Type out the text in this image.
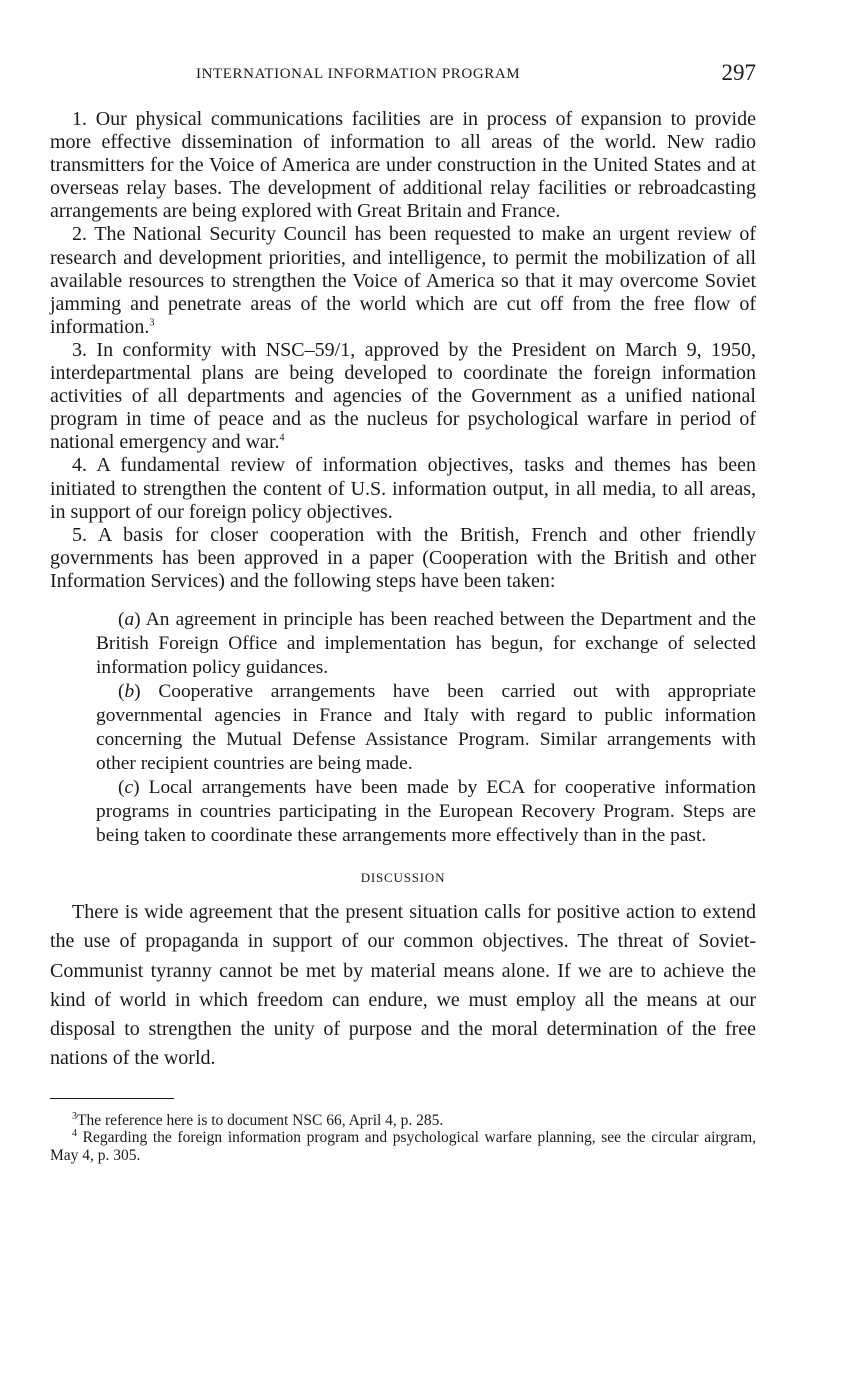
INTERNATIONAL INFORMATION PROGRAM	297

1. Our physical communications facilities are in process of expansion to provide more effective dissemination of information to all areas of the world. New radio transmitters for the Voice of America are under construction in the United States and at overseas relay bases. The development of additional relay facilities or rebroadcasting arrangements are being explored with Great Britain and France.

2. The National Security Council has been requested to make an urgent review of research and development priorities, and intelligence, to permit the mobilization of all available resources to strengthen the Voice of America so that it may overcome Soviet jamming and penetrate areas of the world which are cut off from the free flow of information.$^3$

3. In conformity with NSC–59/1, approved by the President on March 9, 1950, interdepartmental plans are being developed to coordinate the foreign information activities of all departments and agencies of the Government as a unified national program in time of peace and as the nucleus for psychological warfare in period of national emergency and war.$^4$

4. A fundamental review of information objectives, tasks and themes has been initiated to strengthen the content of U.S. information output, in all media, to all areas, in support of our foreign policy objectives.

5. A basis for closer cooperation with the British, French and other friendly governments has been approved in a paper (Cooperation with the British and other Information Services) and the following steps have been taken:

(a) An agreement in principle has been reached between the Department and the British Foreign Office and implementation has begun, for exchange of selected information policy guidances.

(b) Cooperative arrangements have been carried out with appropriate governmental agencies in France and Italy with regard to public information concerning the Mutual Defense Assistance Program. Similar arrangements with other recipient countries are being made.

(c) Local arrangements have been made by ECA for cooperative information programs in countries participating in the European Recovery Program. Steps are being taken to coordinate these arrangements more effectively than in the past.

DISCUSSION

There is wide agreement that the present situation calls for positive action to extend the use of propaganda in support of our common objectives. The threat of Soviet-Communist tyranny cannot be met by material means alone. If we are to achieve the kind of world in which freedom can endure, we must employ all the means at our disposal to strengthen the unity of purpose and the moral determination of the free nations of the world.

$^3$The reference here is to document NSC 66, April 4, p. 285.

$^4$ Regarding the foreign information program and psychological warfare planning, see the circular airgram, May 4, p. 305.
